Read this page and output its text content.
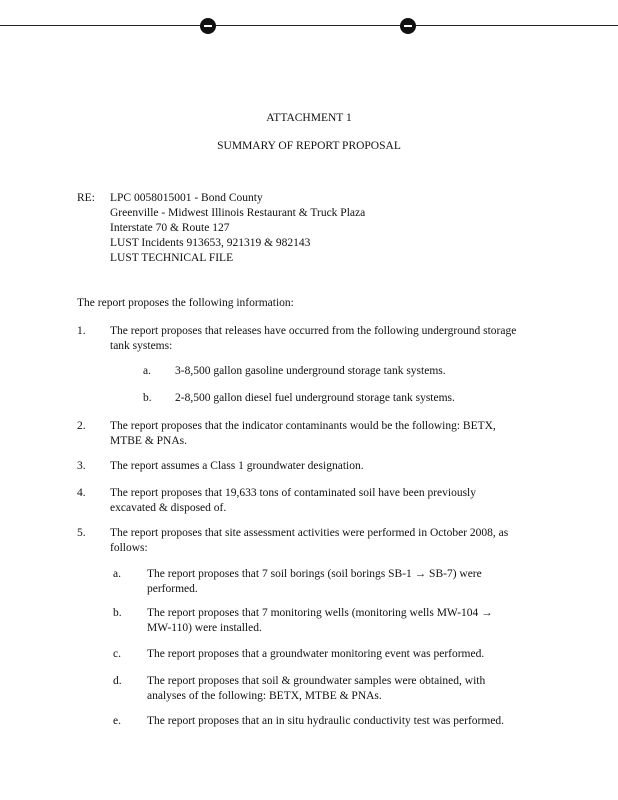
ATTACHMENT 1
SUMMARY OF REPORT PROPOSAL
RE: LPC 0058015001 - Bond County
Greenville - Midwest Illinois Restaurant & Truck Plaza
Interstate 70 & Route 127
LUST Incidents 913653, 921319 & 982143
LUST TECHNICAL FILE
The report proposes the following information:
1. The report proposes that releases have occurred from the following underground storage
tank systems:
a. 3-8,500 gallon gasoline underground storage tank systems.
b. 2-8,500 gallon diesel fuel underground storage tank systems.
2. The report proposes that the indicator contaminants would be the following: BETX,
MTBE & PNAs.
3. The report assumes a Class 1 groundwater designation.
4. The report proposes that 19,633 tons of contaminated soil have been previously
excavated & disposed of.
5. The report proposes that site assessment activities were performed in October 2008, as
follows:
a. The report proposes that 7 soil borings (soil borings SB-1 → SB-7) were
performed.
b. The report proposes that 7 monitoring wells (monitoring wells MW-104 →
MW-110) were installed.
c. The report proposes that a groundwater monitoring event was performed.
d. The report proposes that soil & groundwater samples were obtained, with
analyses of the following: BETX, MTBE & PNAs.
e. The report proposes that an in situ hydraulic conductivity test was performed.
